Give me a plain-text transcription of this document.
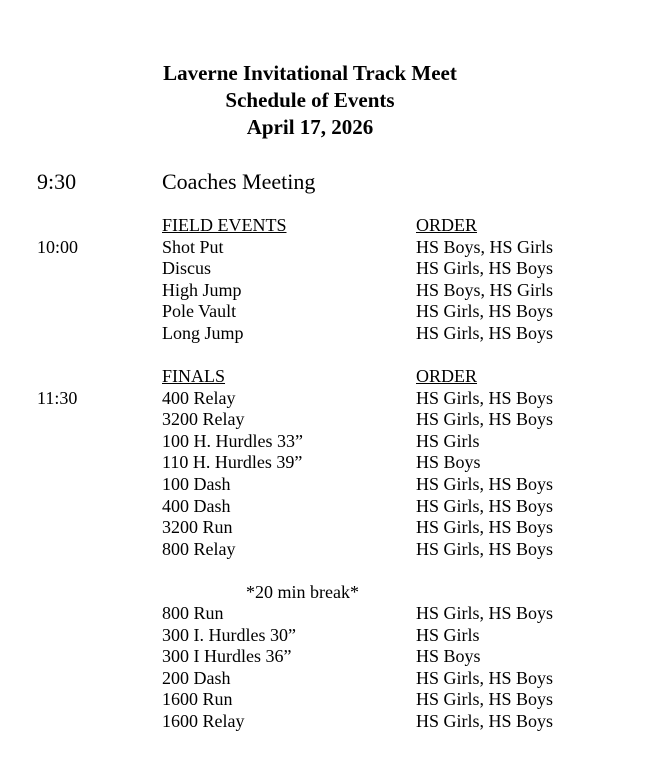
Laverne Invitational Track Meet
Schedule of Events
April 17, 2026
9:30	Coaches Meeting
FIELD EVENTS	ORDER
10:00	Shot Put	HS Boys, HS Girls
Discus	HS Girls, HS Boys
High Jump	HS Boys, HS Girls
Pole Vault	HS Girls, HS Boys
Long Jump	HS Girls, HS Boys
FINALS	ORDER
11:30	400 Relay	HS Girls, HS Boys
3200 Relay	HS Girls, HS Boys
100 H. Hurdles 33”	HS Girls
110 H. Hurdles 39”	HS Boys
100 Dash	HS Girls, HS Boys
400 Dash	HS Girls, HS Boys
3200 Run	HS Girls, HS Boys
800 Relay	HS Girls, HS Boys
*20 min break*
800 Run	HS Girls, HS Boys
300 I. Hurdles 30”	HS Girls
300 I Hurdles 36”	HS Boys
200 Dash	HS Girls, HS Boys
1600 Run	HS Girls, HS Boys
1600 Relay	HS Girls, HS Boys
